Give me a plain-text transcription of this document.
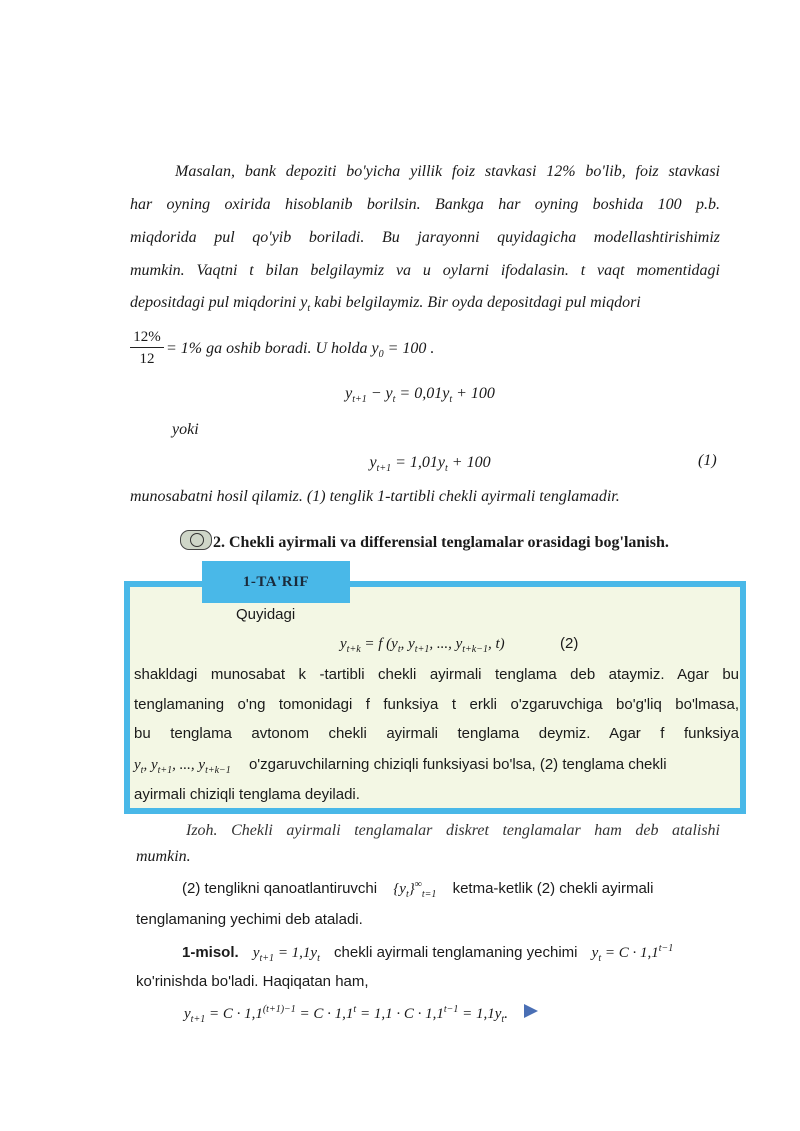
Masalan, bank depoziti bo'yicha yillik foiz stavkasi 12% bo'lib, foiz stavkasi
har oyning oxirida hisoblanib borilsin. Bankga har oyning boshida 100 p.b.
miqdorida pul qo'yib boriladi. Bu jarayonni quyidagicha modellashtirishimiz
mumkin. Vaqtni t bilan belgilaymiz va u oylarni ifodalasin. t vaqt momentidagi
depositdagi pul miqdorini $y_t$ kabi belgilaymiz. Bir oyda depositdagi pul miqdori
$\frac{12\%}{12} = 1\%$ ga oshib boradi. U holda $y_0 = 100$ .
$y_{t+1} - y_t = 0,01y_t + 100$
yoki
$y_{t+1} = 1,01y_t + 100$	(1)
munosabatni hosil qilamiz. (1) tenglik 1-tartibli chekli ayirmali tenglamadir.
2. Chekli ayirmali va differensial tenglamalar orasidagi bog'lanish.
1-TA'RIF
Quyidagi
$y_{t+k} = f$ ($y_t$, $y_{t+1}$, ..., $y_{t+k-1}$, t)	(2)
shakldagi munosabat k -tartibli chekli ayirmali tenglama deb ataymiz. Agar bu
tenglamaning o'ng tomonidagi f funksiya t erkli o'zgaruvchiga bo'g'liq bo'lmasa,
bu tenglama avtonom chekli ayirmali tenglama deymiz. Agar f funksiya
$y_t$, $y_{t+1}$, ..., $y_{t+k-1}$ o'zgaruvchilarning chiziqli funksiyasi bo'lsa, (2) tenglama chekli
ayirmali chiziqli tenglama deyiladi.
Izoh. Chekli ayirmali tenglamalar diskret tenglamalar ham deb atalishi
mumkin.
(2) tenglikni qanoatlantiruvchi $\{y_t\}^\infty_{t=1}$ ketma-ketlik (2) chekli ayirmali
tenglamaning yechimi deb ataladi.
1-misol. $y_{t+1} = 1,1y_t$ chekli ayirmali tenglamaning yechimi $y_t = C \cdot 1,1^{t-1}$
ko'rinishda bo'ladi. Haqiqatan ham,
$y_{t+1} = C \cdot 1,1^{(t+1)-1} = C \cdot 1,1^t = 1,1 \cdot C \cdot 1,1^{t-1} = 1,1y_t$.
